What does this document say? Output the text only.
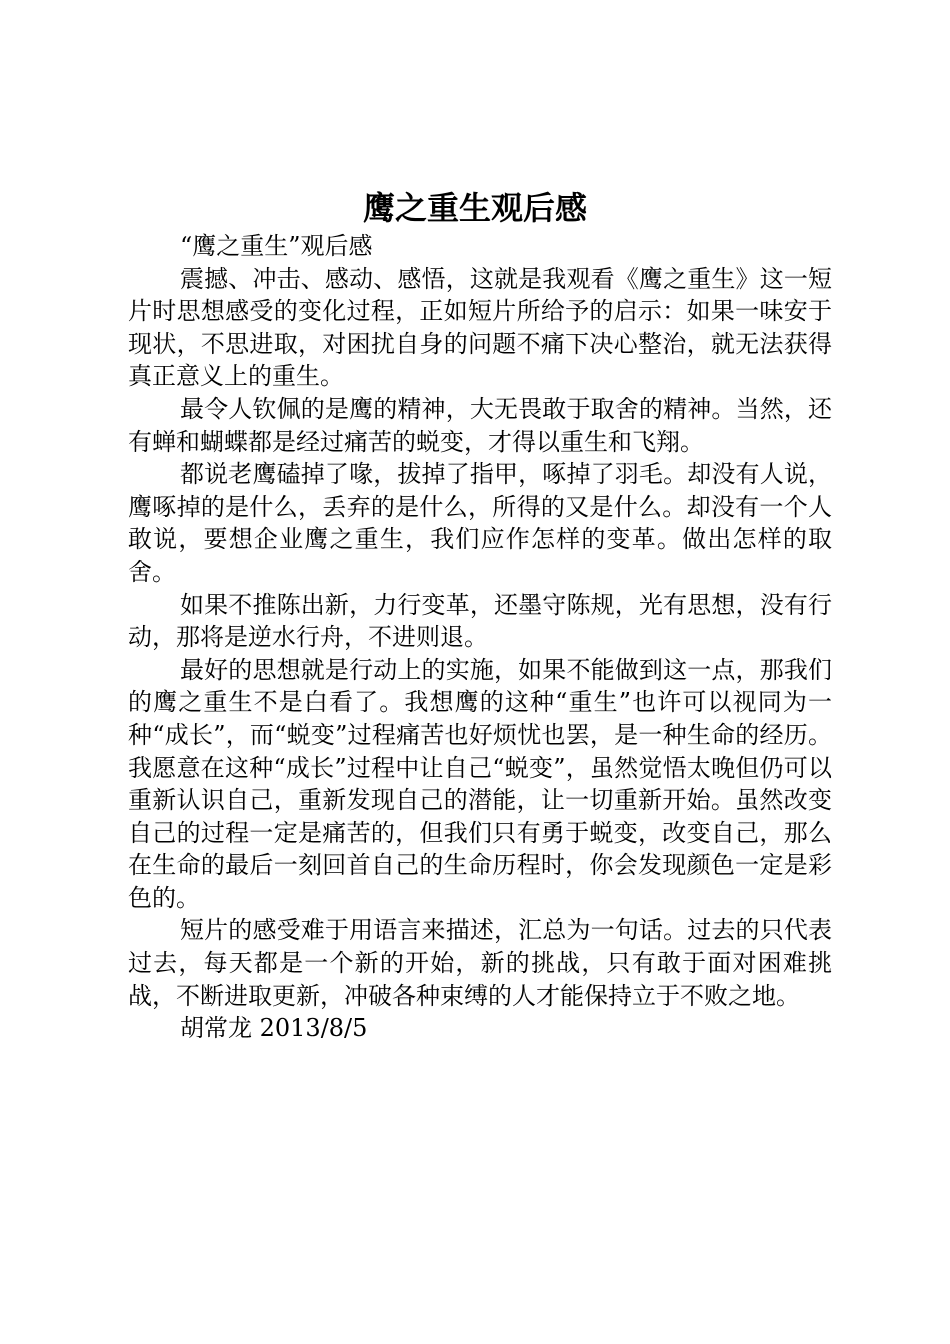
鹰之重生观后感

“鹰之重生”观后感

震撼、冲击、感动、感悟，这就是我观看《鹰之重生》这一短片时思想感受的变化过程，正如短片所给予的启示：如果一味安于现状，不思进取，对困扰自身的问题不痛下决心整治，就无法获得真正意义上的重生。

最令人钦佩的是鹰的精神，大无畏敢于取舍的精神。当然，还有蝉和蝴蝶都是经过痛苦的蜕变，才得以重生和飞翔。

都说老鹰磕掉了喙，拔掉了指甲，啄掉了羽毛。却没有人说，鹰啄掉的是什么，丢弃的是什么，所得的又是什么。却没有一个人敢说，要想企业鹰之重生，我们应作怎样的变革。做出怎样的取舍。

如果不推陈出新，力行变革，还墨守陈规，光有思想，没有行动，那将是逆水行舟，不进则退。

最好的思想就是行动上的实施，如果不能做到这一点，那我们的鹰之重生不是白看了。我想鹰的这种“重生”也许可以视同为一种“成长”，而“蜕变”过程痛苦也好烦忧也罢，是一种生命的经历。我愿意在这种“成长”过程中让自己“蜕变”，虽然觉悟太晚但仍可以重新认识自己，重新发现自己的潜能，让一切重新开始。虽然改变自己的过程一定是痛苦的，但我们只有勇于蜕变，改变自己，那么在生命的最后一刻回首自己的生命历程时，你会发现颜色一定是彩色的。

短片的感受难于用语言来描述，汇总为一句话。过去的只代表过去，每天都是一个新的开始，新的挑战，只有敢于面对困难挑战，不断进取更新，冲破各种束缚的人才能保持立于不败之地。

胡常龙 2013/8/5
